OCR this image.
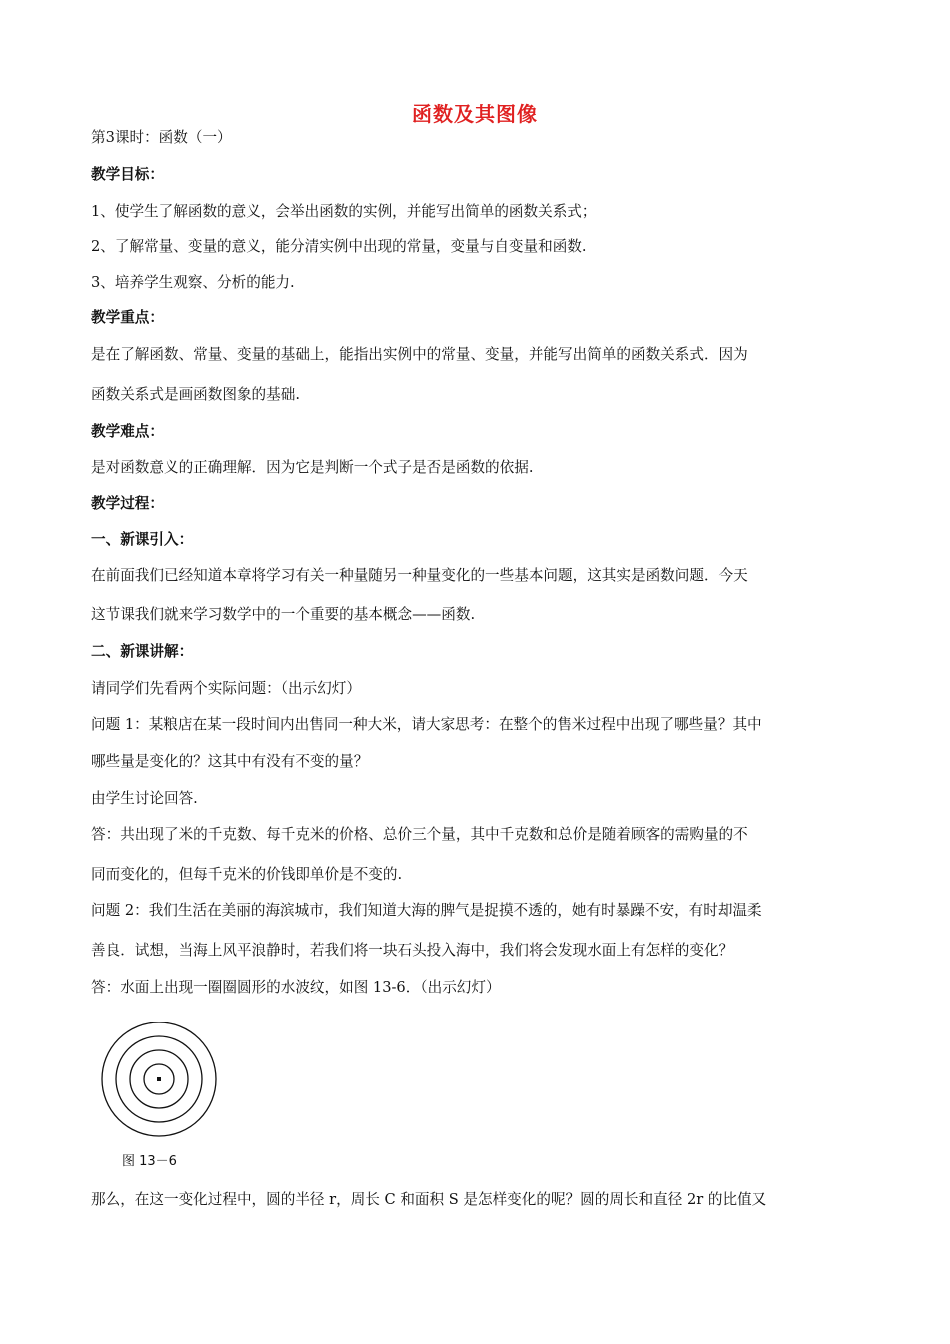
函数及其图像
第3课时：函数（一）
教学目标：
1、使学生了解函数的意义，会举出函数的实例，并能写出简单的函数关系式；
2、了解常量、变量的意义，能分清实例中出现的常量，变量与自变量和函数.
3、培养学生观察、分析的能力.
教学重点：
是在了解函数、常量、变量的基础上，能指出实例中的常量、变量，并能写出简单的函数关系式．因为
函数关系式是画函数图象的基础.
教学难点：
是对函数意义的正确理解．因为它是判断一个式子是否是函数的依据.
教学过程：
一、新课引入：
在前面我们已经知道本章将学习有关一种量随另一种量变化的一些基本问题，这其实是函数问题．今天
这节课我们就来学习数学中的一个重要的基本概念——函数.
二、新课讲解：
请同学们先看两个实际问题：（出示幻灯）
问题 1：某粮店在某一段时间内出售同一种大米，请大家思考：在整个的售米过程中出现了哪些量？其中
哪些量是变化的？这其中有没有不变的量？
由学生讨论回答.
答：共出现了米的千克数、每千克米的价格、总价三个量，其中千克数和总价是随着顾客的需购量的不
同而变化的，但每千克米的价钱即单价是不变的.
问题 2：我们生活在美丽的海滨城市，我们知道大海的脾气是捉摸不透的，她有时暴躁不安，有时却温柔
善良．试想，当海上风平浪静时，若我们将一块石头投入海中，我们将会发现水面上有怎样的变化？
答：水面上出现一圈圈圆形的水波纹，如图 13-6．（出示幻灯）
图 13－6
那么，在这一变化过程中，圆的半径 r，周长 C 和面积 S 是怎样变化的呢？圆的周长和直径 2r 的比值又
